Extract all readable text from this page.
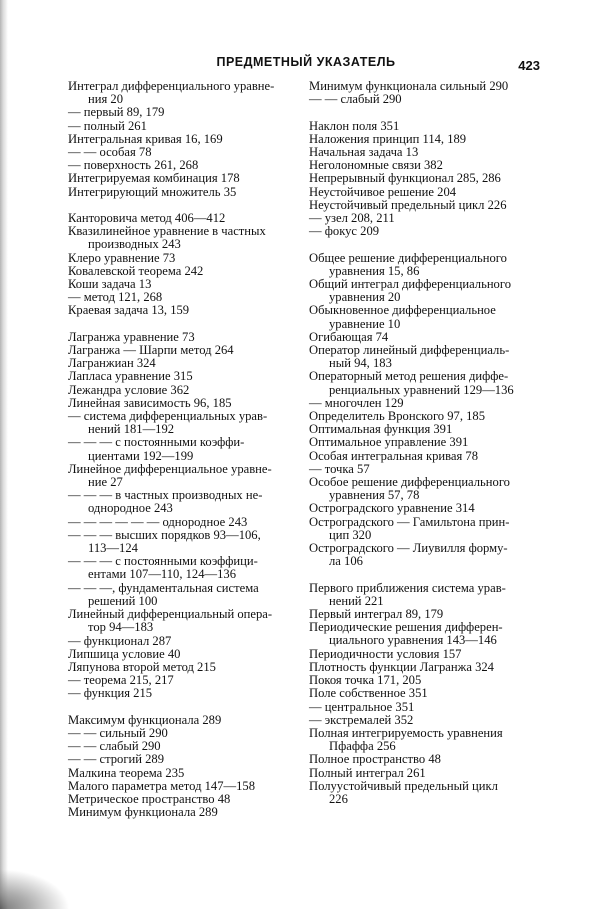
ПРЕДМЕТНЫЙ УКАЗАТЕЛЬ	423
Интеграл дифференциального уравне-

ния 20
— первый 89, 179
— полный 261
Интегральная кривая 16, 169
— — особая 78
— поверхность 261, 268
Интегрируемая комбинация 178
Интегрирующий множитель 35
Канторовича метод 406—412
Квазилинейное уравнение в частных

производных 243
Клеро уравнение 73
Ковалевской теорема 242
Коши задача 13
— метод 121, 268
Краевая задача 13, 159
Лагранжа уравнение 73
Лагранжа — Шарпи метод 264
Лагранжиан 324
Лапласа уравнение 315
Лежандра условие 362
Линейная зависимость 96, 185
— система дифференциальных урав-

нений 181—192
— — — с постоянными коэффи-

циентами 192—199
Линейное дифференциальное уравне-

ние 27
— — — в частных производных не-

однородное 243
— — — — — — однородное 243
— — — высших порядков 93—106,

113—124
— — — с постоянными коэффици-

ентами 107—110, 124—136
— — —, фундаментальная система

решений 100
Линейный дифференциальный опера-

тор 94—183
— функционал 287
Липшица условие 40
Ляпунова второй метод 215
— теорема 215, 217
— функция 215
Максимум функционала 289
— — сильный 290
— — слабый 290
— — строгий 289
Малкина теорема 235
Малого параметра метод 147—158
Метрическое пространство 48
Минимум функционала 289
Минимум функционала сильный 290
— — слабый 290
Наклон поля 351
Наложения принцип 114, 189
Начальная задача 13
Неголономные связи 382
Непрерывный функционал 285, 286
Неустойчивое решение 204
Неустойчивый предельный цикл 226
— узел 208, 211
— фокус 209
Общее решение дифференциального

уравнения 15, 86
Общий интеграл дифференциального

уравнения 20
Обыкновенное дифференциальное

уравнение 10
Огибающая 74
Оператор линейный дифференциаль-

ный 94, 183
Операторный метод решения диффе-

ренциальных уравнений 129—136
— многочлен 129
Определитель Вронского 97, 185
Оптимальная функция 391
Оптимальное управление 391
Особая интегральная кривая 78
— точка 57
Особое решение дифференциального

уравнения 57, 78
Остроградского уравнение 314
Остроградского — Гамильтона прин-

цип 320
Остроградского — Лиувилля форму-

ла 106
Первого приближения система урав-

нений 221
Первый интеграл 89, 179
Периодические решения дифферен-

циального уравнения 143—146
Периодичности условия 157
Плотность функции Лагранжа 324
Покоя точка 171, 205
Поле собственное 351
— центральное 351
— экстремалей 352
Полная интегрируемость уравнения

Пфаффа 256
Полное пространство 48
Полный интеграл 261
Полуустойчивый предельный цикл

226
